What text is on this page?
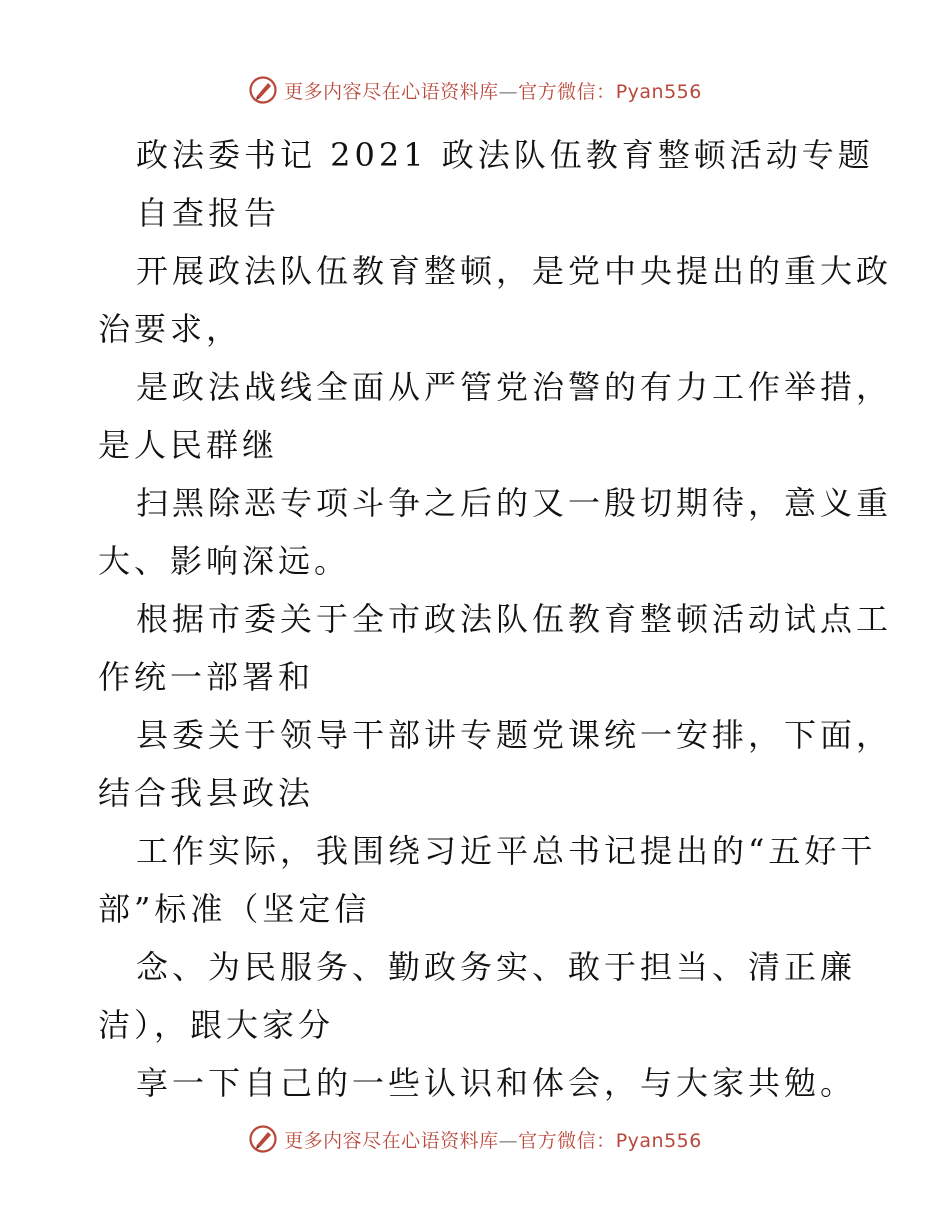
更多内容尽在心语资料库—官方微信：Pyan556
政法委书记 2021 政法队伍教育整顿活动专题
自查报告
开展政法队伍教育整顿，是党中央提出的重大政
治要求，
是政法战线全面从严管党治警的有力工作举措，
是人民群继
扫黑除恶专项斗争之后的又一殷切期待，意义重
大、影响深远。
根据市委关于全市政法队伍教育整顿活动试点工
作统一部署和
县委关于领导干部讲专题党课统一安排，下面，
结合我县政法
工作实际，我围绕习近平总书记提出的“五好干
部”标准（坚定信
念、为民服务、勤政务实、敢于担当、清正廉
洁），跟大家分
享一下自己的一些认识和体会，与大家共勉。
更多内容尽在心语资料库—官方微信：Pyan556
